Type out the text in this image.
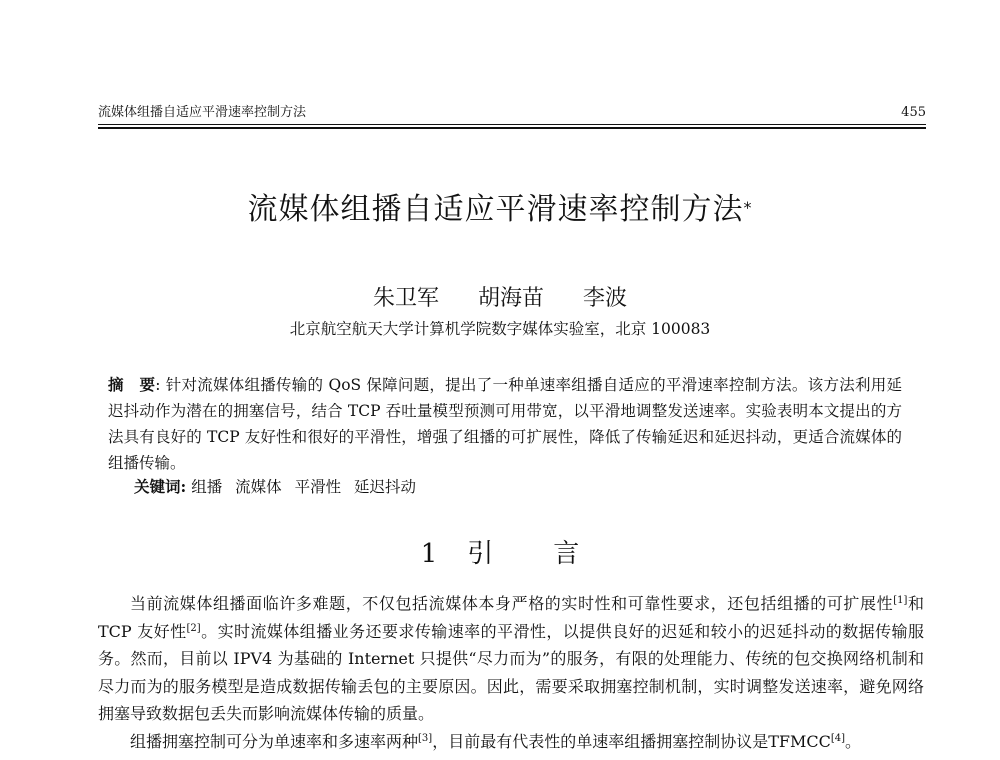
流媒体组播自适应平滑速率控制方法	455
流媒体组播自适应平滑速率控制方法*
朱卫军 胡海苗 李波
北京航空航天大学计算机学院数字媒体实验室，北京 100083
摘　要: 针对流媒体组播传输的 QoS 保障问题，提出了一种单速率组播自适应的平滑速率控制方法。该方法利用延迟抖动作为潜在的拥塞信号，结合 TCP 吞吐量模型预测可用带宽，以平滑地调整发送速率。实验表明本文提出的方法具有良好的 TCP 友好性和很好的平滑性，增强了组播的可扩展性，降低了传输延迟和延迟抖动，更适合流媒体的组播传输。
关键词: 组播 流媒体 平滑性 延迟抖动
1 引 言

当前流媒体组播面临许多难题，不仅包括流媒体本身严格的实时性和可靠性要求，还包括组播的可扩展性[1]和 TCP 友好性[2]。实时流媒体组播业务还要求传输速率的平滑性，以提供良好的迟延和较小的迟延抖动的数据传输服务。然而，目前以 IPV4 为基础的 Internet 只提供“尽力而为”的服务，有限的处理能力、传统的包交换网络机制和尽力而为的服务模型是造成数据传输丢包的主要原因。因此，需要采取拥塞控制机制，实时调整发送速率，避免网络拥塞导致数据包丢失而影响流媒体传输的质量。

组播拥塞控制可分为单速率和多速率两种[3]，目前最有代表性的单速率组播拥塞控制协议是TFMCC[4]。
